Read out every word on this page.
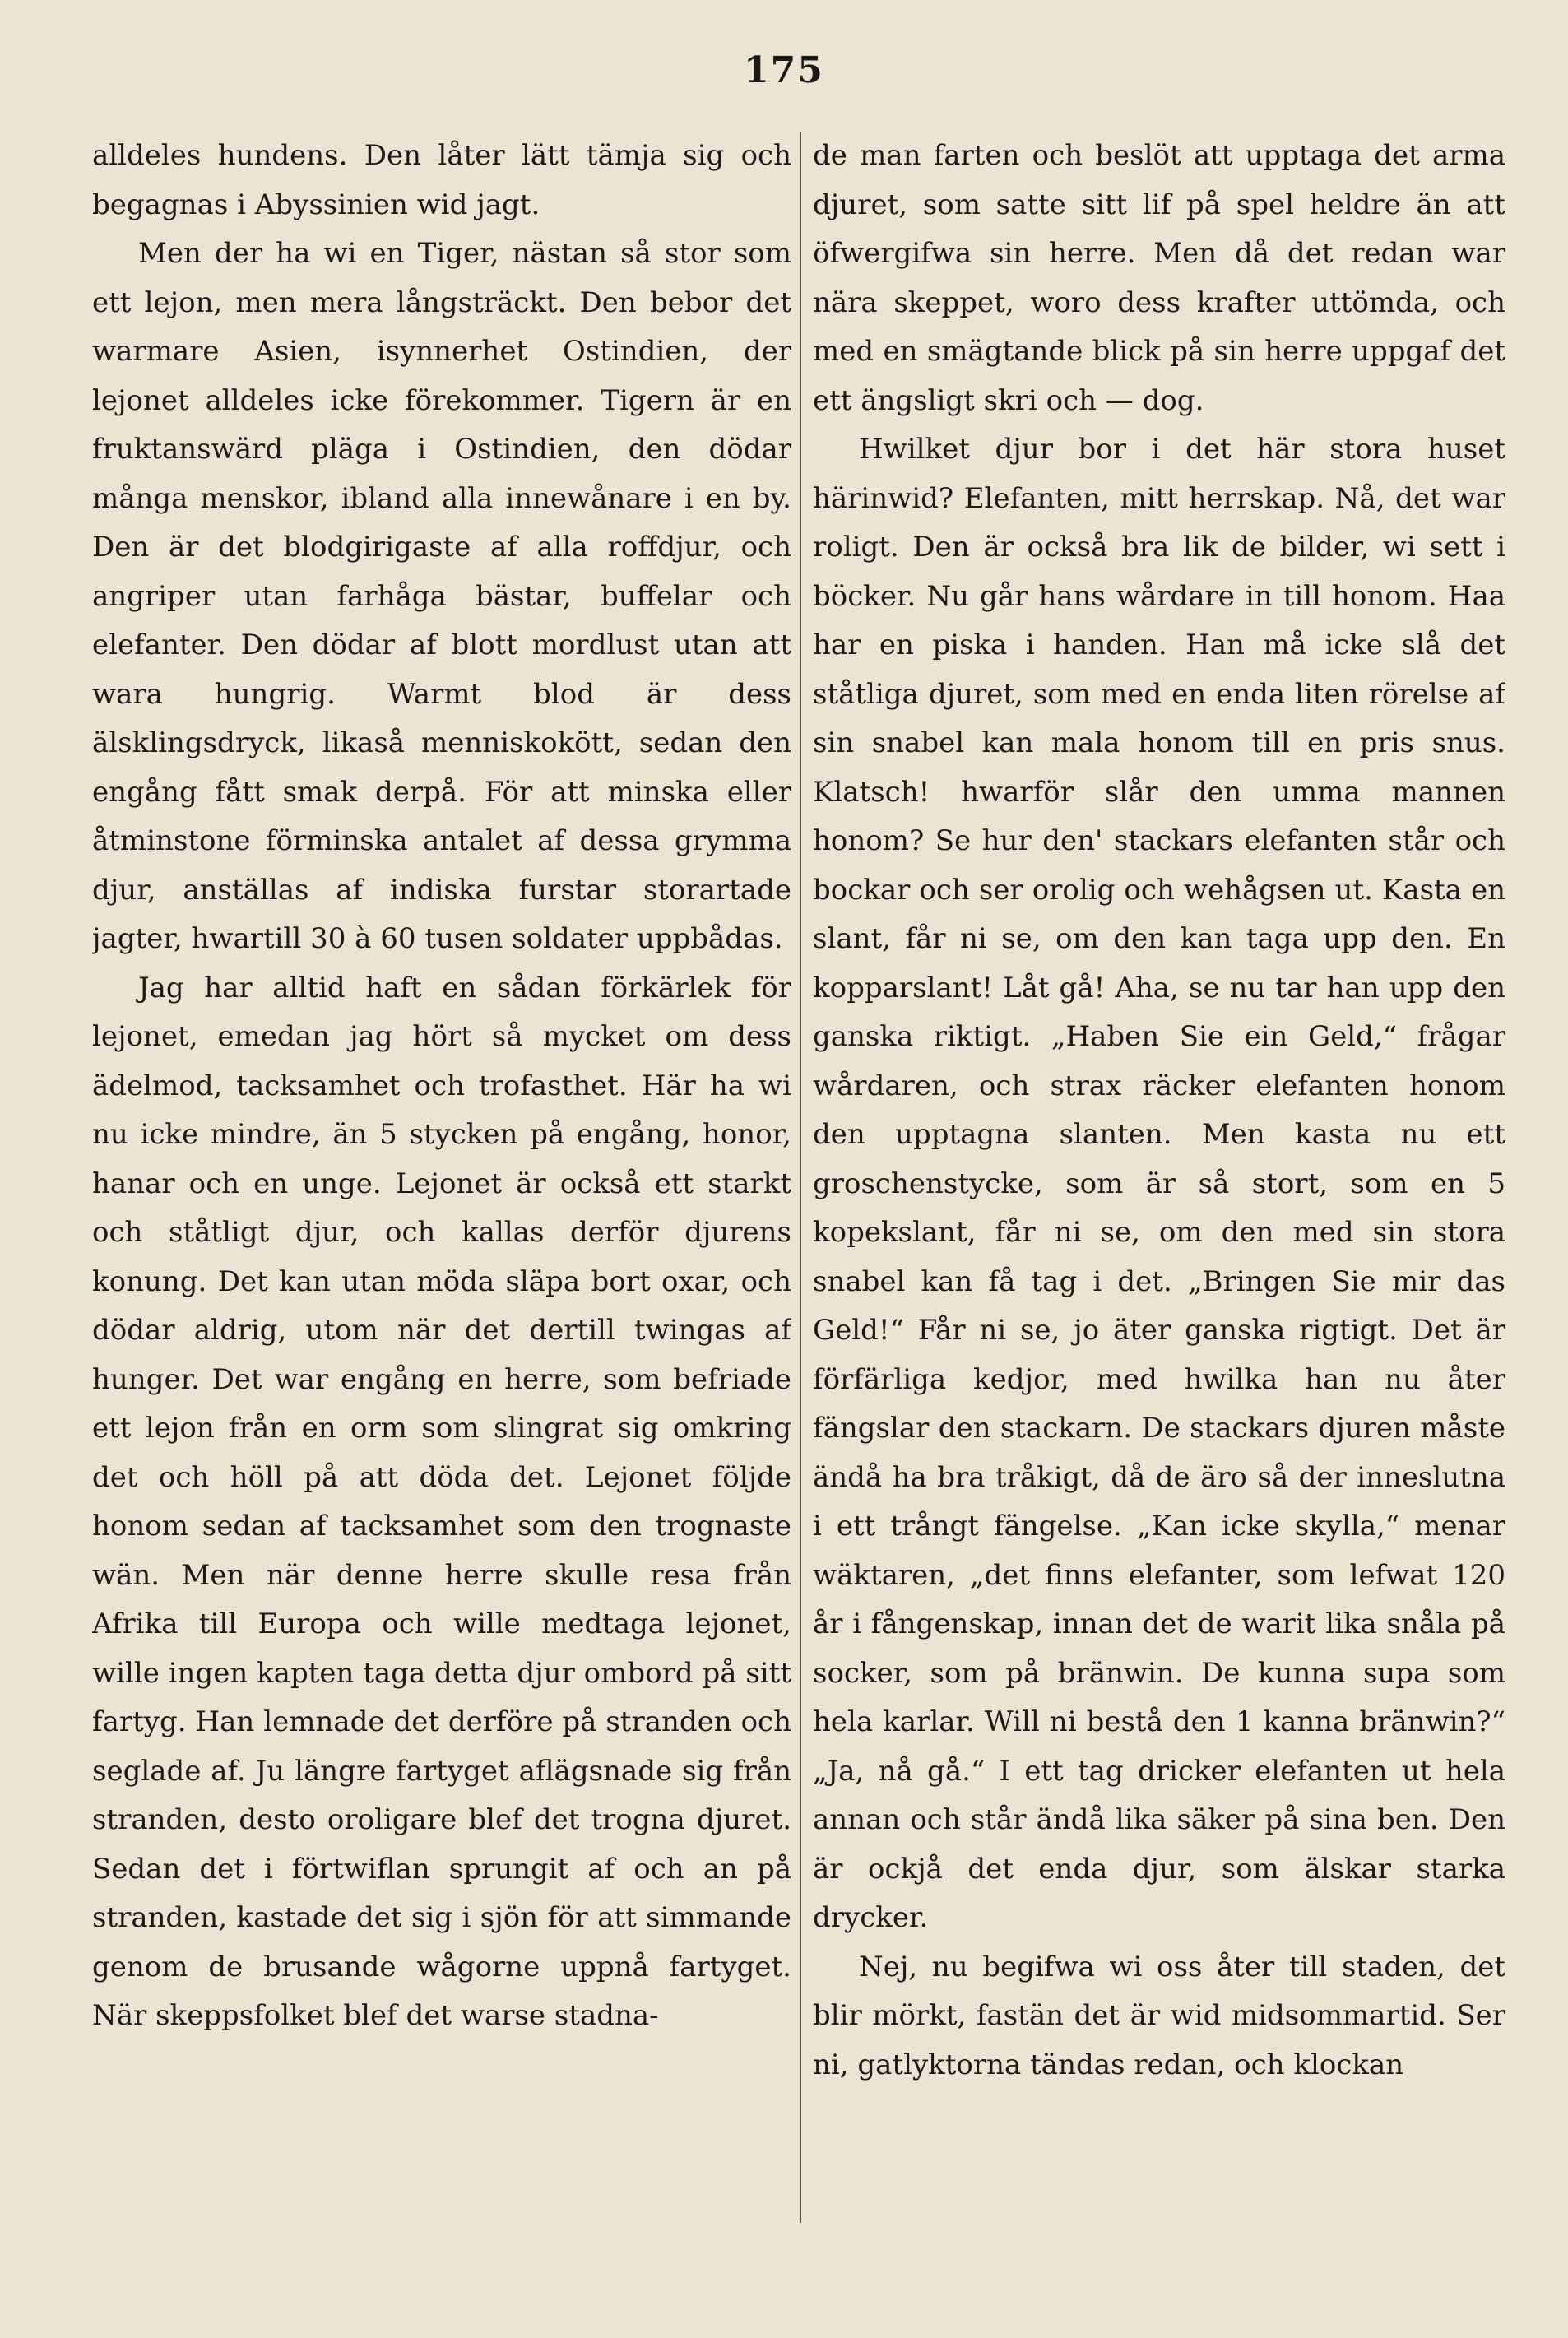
175

alldeles hundens. Den låter lätt tämja sig och begagnas i Abyssinien wid jagt.

Men der ha wi en Tiger, nästan så stor som ett lejon, men mera långsträckt. Den bebor det warmare Asien, isynnerhet Ostindien, der lejonet alldeles icke förekommer. Tigern är en fruktanswärd pläga i Ostindien, den dödar många menskor, ibland alla innewånare i en by. Den är det blodgirigaste af alla roffdjur, och angriper utan farhåga bästar, buffelar och elefanter. Den dödar af blott mordlust utan att wara hungrig. Warmt blod är dess älsklingsdryck, likaså menniskokött, sedan den engång fått smak derpå. För att minska eller åtminstone förminska antalet af dessa grymma djur, anställas af indiska furstar storartade jagter, hwartill 30 à 60 tusen soldater uppbådas.

Jag har alltid haft en sådan förkärlek för lejonet, emedan jag hört så mycket om dess ädelmod, tacksamhet och trofasthet. Här ha wi nu icke mindre, än 5 stycken på engång, honor, hanar och en unge. Lejonet är också ett starkt och ståtligt djur, och kallas derför djurens konung. Det kan utan möda släpa bort oxar, och dödar aldrig, utom när det dertill twingas af hunger. Det war engång en herre, som befriade ett lejon från en orm som slingrat sig omkring det och höll på att döda det. Lejonet följde honom sedan af tacksamhet som den trognaste wän. Men när denne herre skulle resa från Afrika till Europa och wille medtaga lejonet, wille ingen kapten taga detta djur ombord på sitt fartyg. Han lemnade det derföre på stranden och seglade af. Ju längre fartyget aflägsnade sig från stranden, desto oroligare blef det trogna djuret. Sedan det i förtwiflan sprungit af och an på stranden, kastade det sig i sjön för att simmande genom de brusande wågorne uppnå fartyget. När skeppsfolket blef det warse stadna-

de man farten och beslöt att upptaga det arma djuret, som satte sitt lif på spel heldre än att öfwergifwa sin herre. Men då det redan war nära skeppet, woro dess krafter uttömda, och med en smägtande blick på sin herre uppgaf det ett ängsligt skri och — dog.

Hwilket djur bor i det här stora huset härinwid? Elefanten, mitt herrskap. Nå, det war roligt. Den är också bra lik de bilder, wi sett i böcker. Nu går hans wårdare in till honom. Haa har en piska i handen. Han må icke slå det ståtliga djuret, som med en enda liten rörelse af sin snabel kan mala honom till en pris snus. Klatsch! hwarför slår den umma mannen honom? Se hur den' stackars elefanten står och bockar och ser orolig och wehågsen ut. Kasta en slant, får ni se, om den kan taga upp den. En kopparslant! Låt gå! Aha, se nu tar han upp den ganska riktigt. „Haben Sie ein Geld,“ frågar wårdaren, och strax räcker elefanten honom den upptagna slanten. Men kasta nu ett groschenstycke, som är så stort, som en 5 kopekslant, får ni se, om den med sin stora snabel kan få tag i det. „Bringen Sie mir das Geld!“ Får ni se, jo äter ganska rigtigt. Det är förfärliga kedjor, med hwilka han nu åter fängslar den stackarn. De stackars djuren måste ändå ha bra tråkigt, då de äro så der inneslutna i ett trångt fängelse. „Kan icke skylla,“ menar wäktaren, „det finns elefanter, som lefwat 120 år i fångenskap, innan det de warit lika snåla på socker, som på bränwin. De kunna supa som hela karlar. Will ni bestå den 1 kanna bränwin?“ „Ja, nå gå.“ I ett tag dricker elefanten ut hela annan och står ändå lika säker på sina ben. Den är ockjå det enda djur, som älskar starka drycker.

Nej, nu begifwa wi oss åter till staden, det blir mörkt, fastän det är wid midsommartid. Ser ni, gatlyktorna tändas redan, och klockan
